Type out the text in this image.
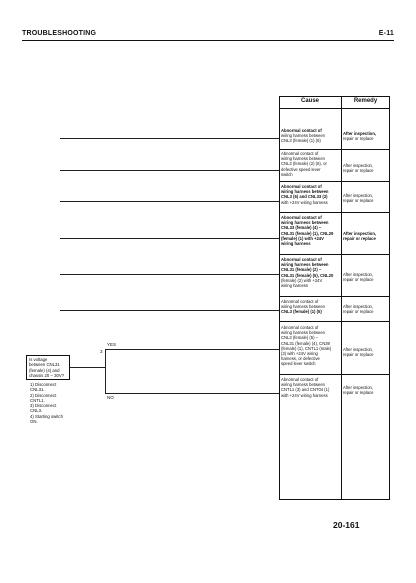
TROUBLESHOOTING	E-11
Cause	Remedy
Abnormal contact of
wiring harness between
CNL3 (female) (1) (6)
After inspection,
repair or replace
Abnormal contact of
wiring harness between
CNL3 (female) (2) (6), or
defective speed lever
switch
After inspection,
repair or replace
Abnormal contact of
wiring harness between
CNL3 (6) and CNL33 (3)
with +24V wiring harness
After inspection,
repair or replace
Abnormal contact of
wiring harness between
CNL33 (female) (4) –
CNL31 (female) (1), CNL29
(female) (1) with +24V
wiring harness
After inspection,
repair or replace
Abnormal contact of
wiring harness between
CNL31 (female) (2) –
CNL31 (female) (5), CNL20
(female) (2) with +24V
wiring harness
After inspection,
repair or replace
Abnormal contact of
wiring harness between
CNL3 (female) (1) (5)
After inspection,
repair or replace
Abnormal contact of
wiring harness between
CNL3 (female) (5) –
CNL31 (female) (4), CN39
(female) (1), CNTL1 (male)
(3) with +24V wiring
harness, or defective
speed lever switch
After inspection,
repair or replace
Abnormal contact of
wiring harness between
CNTL1 (3) and CNT04 (1)
with +24V wiring harness
After inspection,
repair or replace
YES
NO
3
Is voltage
between CNL31
(female) (4) and
chassis 20 – 30V?
1) Disconnect
CNL31.
2) Disconnect
CNTL1.
3) Disconnect
CNL3.
4) Starting switch
ON.
20-161
